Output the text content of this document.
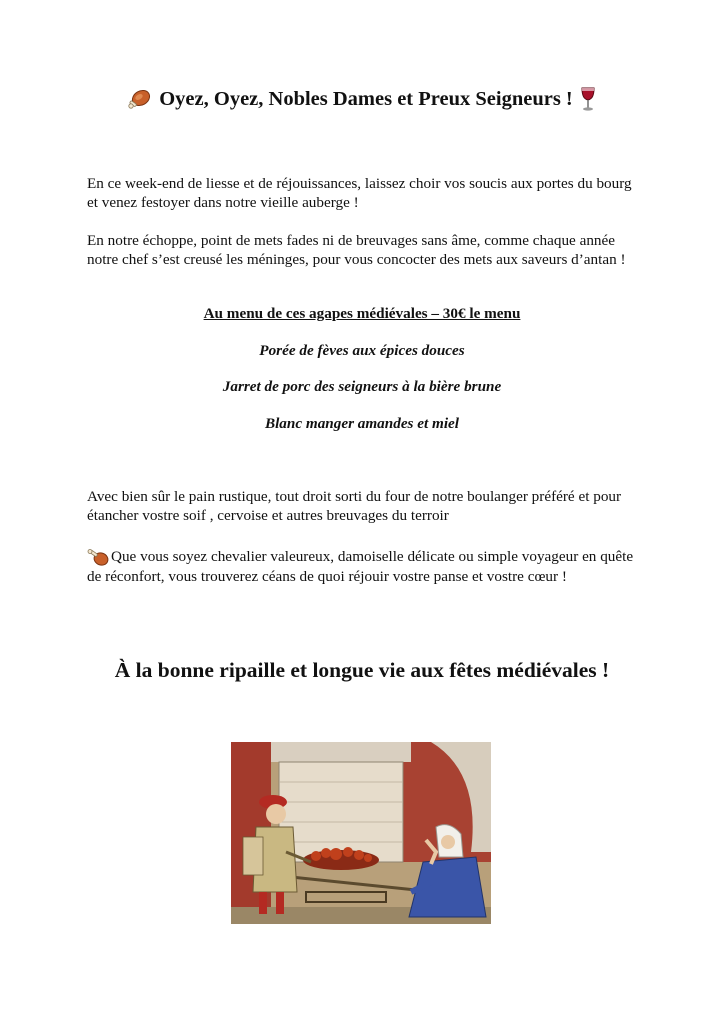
Oyez, Oyez, Nobles Dames et Preux Seigneurs !

En ce week-end de liesse et de réjouissances, laissez choir vos soucis aux portes du bourg et venez festoyer dans notre vieille auberge !

En notre échoppe, point de mets fades ni de breuvages sans âme, comme chaque année notre chef s’est creusé les méninges, pour vous concocter des mets aux saveurs d’antan !

Au menu de ces agapes médiévales – 30€ le menu
Porée de fèves aux épices douces
Jarret de porc des seigneurs à la bière brune
Blanc manger amandes et miel

Avec bien sûr le pain rustique, tout droit sorti du four de notre boulanger préféré et pour étancher vostre soif , cervoise et autres breuvages du terroir

Que vous soyez chevalier valeureux, damoiselle délicate ou simple voyageur en quête de réconfort, vous trouverez céans de quoi réjouir vostre panse et vostre cœur !

À la bonne ripaille et longue vie aux fêtes médiévales !
